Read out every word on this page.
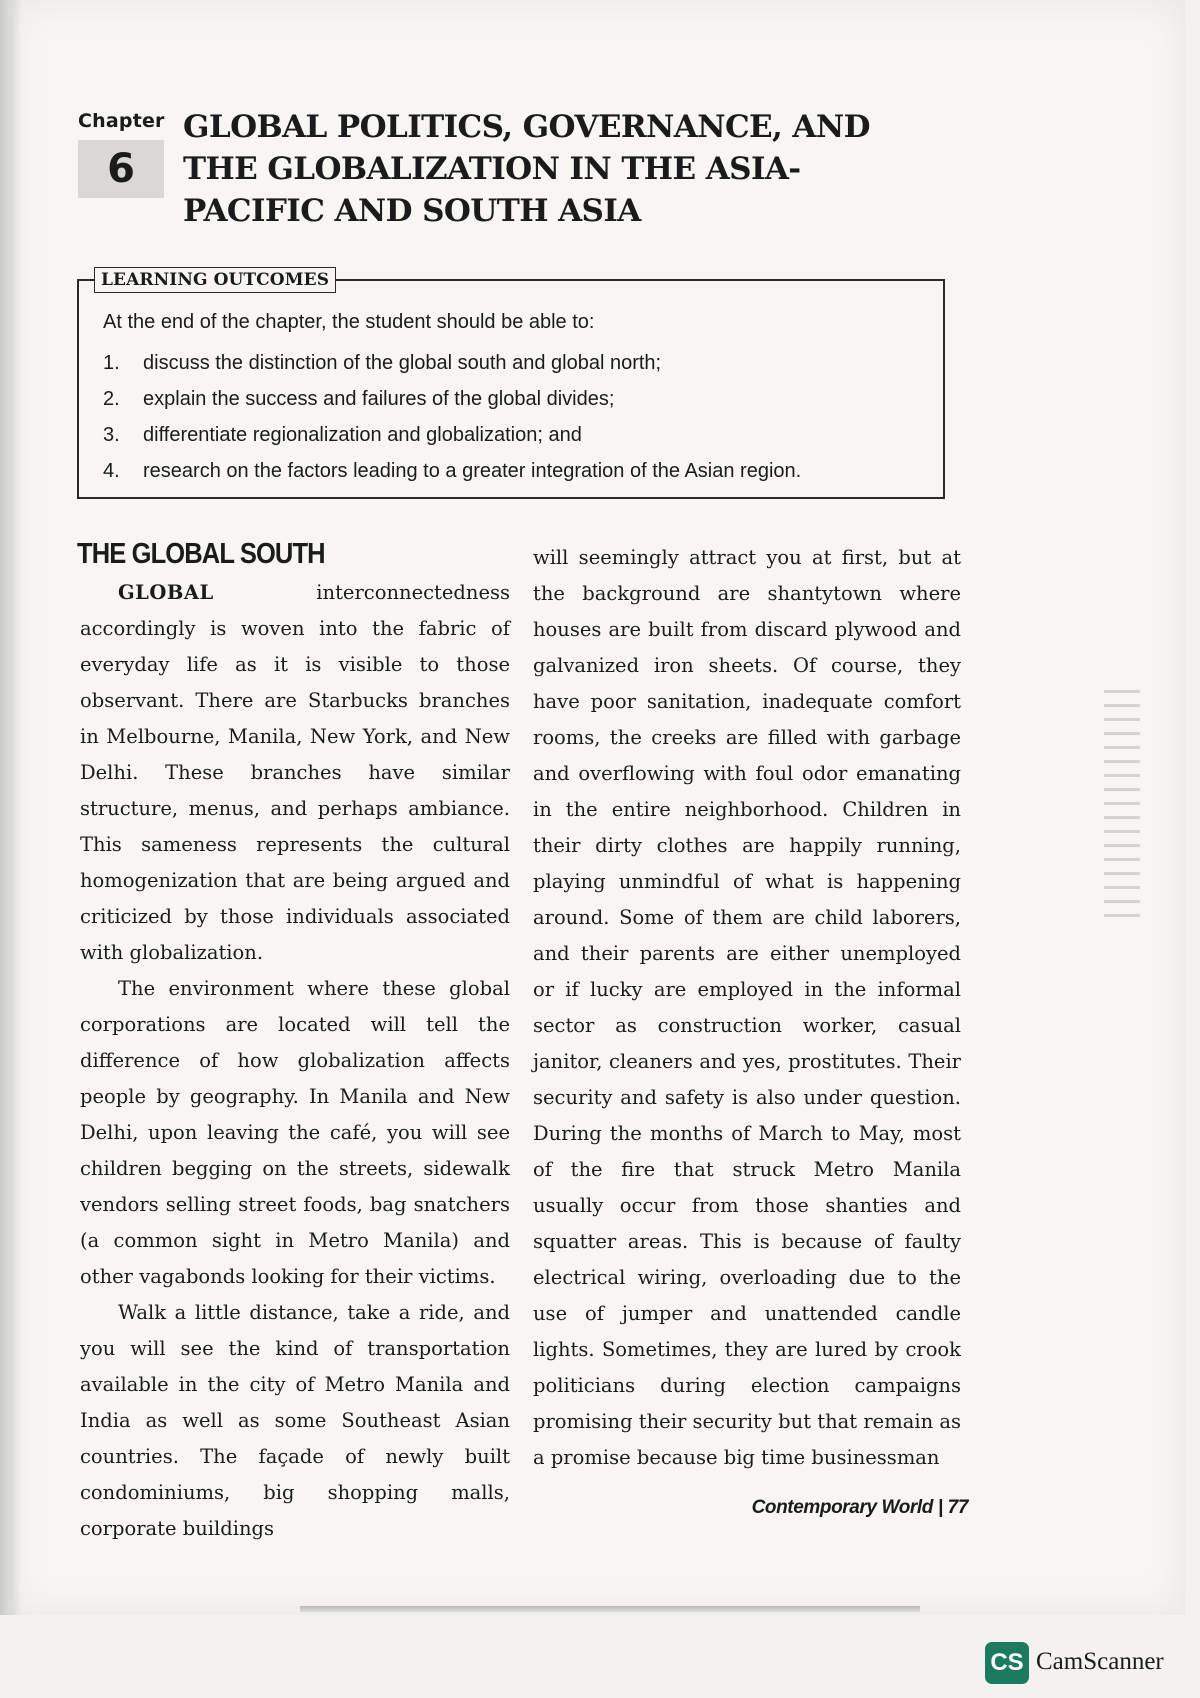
Chapter
6
GLOBAL POLITICS, GOVERNANCE, AND THE GLOBALIZATION IN THE ASIA-PACIFIC AND SOUTH ASIA
LEARNING OUTCOMES
At the end of the chapter, the student should be able to:
1. discuss the distinction of the global south and global north;
2. explain the success and failures of the global divides;
3. differentiate regionalization and globalization; and
4. research on the factors leading to a greater integration of the Asian region.
THE GLOBAL SOUTH

GLOBAL interconnectedness accordingly is woven into the fabric of everyday life as it is visible to those observant. There are Starbucks branches in Melbourne, Manila, New York, and New Delhi. These branches have similar structure, menus, and perhaps ambiance. This sameness represents the cultural homogenization that are being argued and criticized by those individuals associated with globalization.

The environment where these global corporations are located will tell the difference of how globalization affects people by geography. In Manila and New Delhi, upon leaving the café, you will see children begging on the streets, sidewalk vendors selling street foods, bag snatchers (a common sight in Metro Manila) and other vagabonds looking for their victims.

Walk a little distance, take a ride, and you will see the kind of transportation available in the city of Metro Manila and India as well as some Southeast Asian countries. The façade of newly built condominiums, big shopping malls, corporate buildings

will seemingly attract you at first, but at the background are shantytown where houses are built from discard plywood and galvanized iron sheets. Of course, they have poor sanitation, inadequate comfort rooms, the creeks are filled with garbage and overflowing with foul odor emanating in the entire neighborhood. Children in their dirty clothes are happily running, playing unmindful of what is happening around. Some of them are child laborers, and their parents are either unemployed or if lucky are employed in the informal sector as construction worker, casual janitor, cleaners and yes, prostitutes. Their security and safety is also under question. During the months of March to May, most of the fire that struck Metro Manila usually occur from those shanties and squatter areas. This is because of faulty electrical wiring, overloading due to the use of jumper and unattended candle lights. Sometimes, they are lured by crook politicians during election campaigns promising their security but that remain as a promise because big time businessman

Contemporary World | 77
CS CamScanner
